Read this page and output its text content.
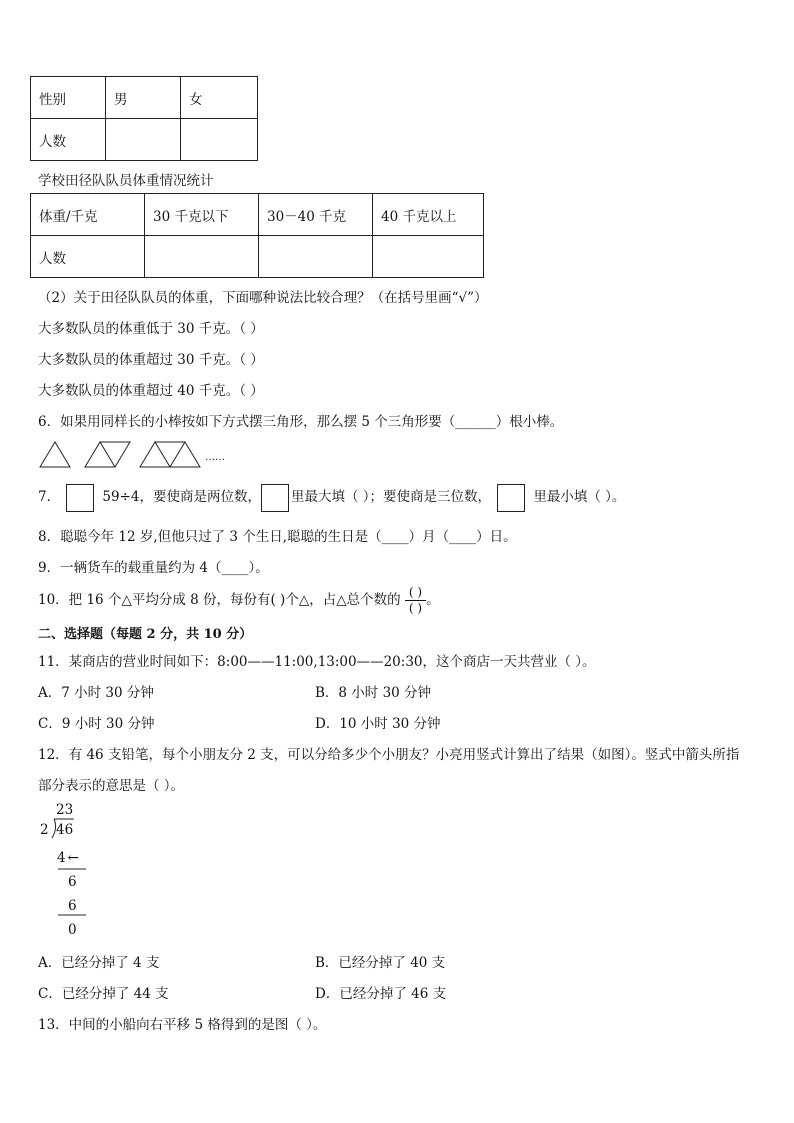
性别	男	女
人数		
学校田径队队员体重情况统计
体重/千克	30 千克以下	30－40 千克	40 千克以上
人数			
（2）关于田径队队员的体重，下面哪种说法比较合理？（在括号里画“√”）
大多数队员的体重低于 30 千克。（ ）
大多数队员的体重超过 30 千克。（ ）
大多数队员的体重超过 40 千克。（ ）
6．如果用同样长的小棒按如下方式摆三角形，那么摆 5 个三角形要（______）根小棒。
……
7．	59÷4，要使商是两位数， 里最大填（ ）；要使商是三位数，	里最小填（ ）。
8．聪聪今年 12 岁,但他只过了 3 个生日,聪聪的生日是（____）月（____）日。
9．一辆货车的载重量约为 4（____）。
10．把 16 个△平均分成 8 份，每份有( )个△，占△总个数的 $\frac{( )}{( )}$ 。
二、选择题（每题 2 分，共 10 分）
11．某商店的营业时间如下：8:00——11:00,13:00——20:30，这个商店一天共营业（ ）。
A．7 小时 30 分钟	B．8 小时 30 分钟
C．9 小时 30 分钟	D．10 小时 30 分钟
12．有 46 支铅笔，每个小朋友分 2 支，可以分给多少个小朋友？小亮用竖式计算出了结果（如图）。竖式中箭头所指
部分表示的意思是（ ）。
23
2 46
4 ←
6
6
0
A．已经分掉了 4 支	B．已经分掉了 40 支
C．已经分掉了 44 支	D．已经分掉了 46 支
13．中间的小船向右平移 5 格得到的是图（ ）。
